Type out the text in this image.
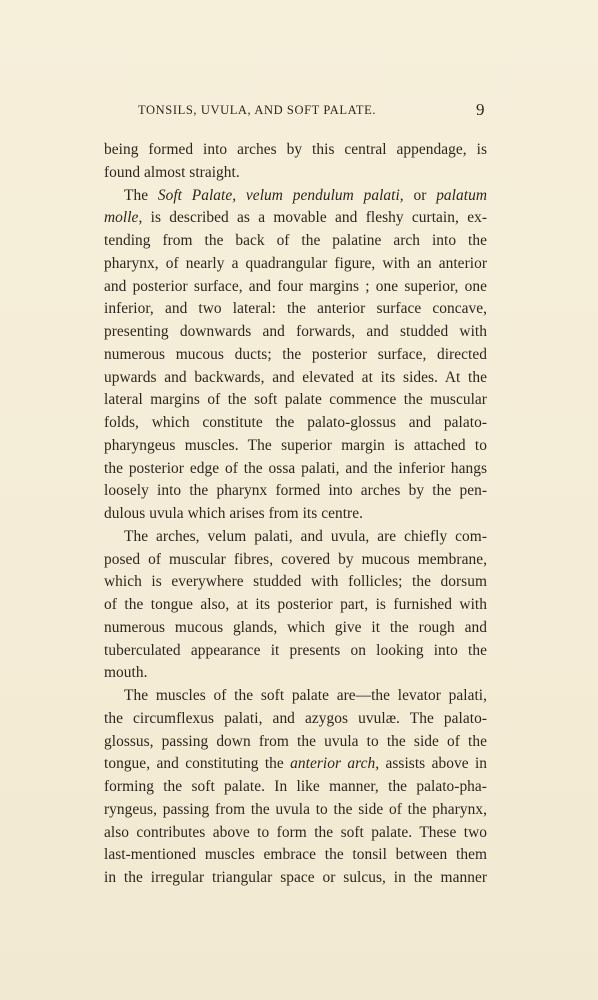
TONSILS, UVULA, AND SOFT PALATE.	9
being formed into arches by this central appendage, is
found almost straight.
The Soft Palate, velum pendulum palati, or palatum
molle, is described as a movable and fleshy curtain, ex-
tending from the back of the palatine arch into the
pharynx, of nearly a quadrangular figure, with an anterior
and posterior surface, and four margins ; one superior, one
inferior, and two lateral: the anterior surface concave,
presenting downwards and forwards, and studded with
numerous mucous ducts; the posterior surface, directed
upwards and backwards, and elevated at its sides. At the
lateral margins of the soft palate commence the muscular
folds, which constitute the palato-glossus and palato-
pharyngeus muscles. The superior margin is attached to
the posterior edge of the ossa palati, and the inferior hangs
loosely into the pharynx formed into arches by the pen-
dulous uvula which arises from its centre.
The arches, velum palati, and uvula, are chiefly com-
posed of muscular fibres, covered by mucous membrane,
which is everywhere studded with follicles; the dorsum
of the tongue also, at its posterior part, is furnished with
numerous mucous glands, which give it the rough and
tuberculated appearance it presents on looking into the
mouth.
The muscles of the soft palate are—the levator palati,
the circumflexus palati, and azygos uvulæ. The palato-
glossus, passing down from the uvula to the side of the
tongue, and constituting the anterior arch, assists above in
forming the soft palate. In like manner, the palato-pha-
ryngeus, passing from the uvula to the side of the pharynx,
also contributes above to form the soft palate. These two
last-mentioned muscles embrace the tonsil between them
in the irregular triangular space or sulcus, in the manner
